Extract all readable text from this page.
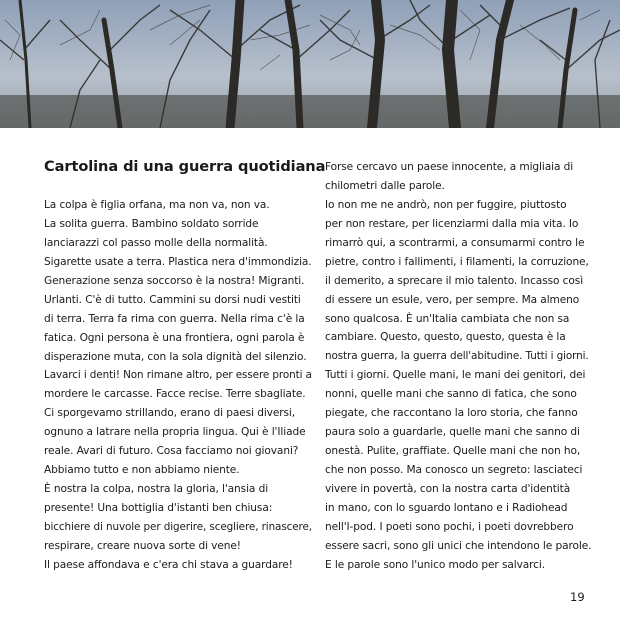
Cartolina di una guerra quotidiana
La colpa è figlia orfana, ma non va, non va.
La solita guerra. Bambino soldato sorride
lanciarazzi col passo molle della normalità.
Sigarette usate a terra. Plastica nera d'immondizia.
Generazione senza soccorso è la nostra! Migranti.
Urlanti. C'è di tutto. Cammini su dorsi nudi vestiti
di terra. Terra fa rima con guerra. Nella rima c'è la
fatica. Ogni persona è una frontiera, ogni parola è
disperazione muta, con la sola dignità del silenzio.
Lavarci i denti! Non rimane altro, per essere pronti a
mordere le carcasse. Facce recise. Terre sbagliate.
Ci sporgevamo strillando, erano di paesi diversi,
ognuno a latrare nella propria lingua. Qui è l'Iliade
reale. Avari di futuro. Cosa facciamo noi giovani?
Abbiamo tutto e non abbiamo niente.
È nostra la colpa, nostra la gloria, l'ansia di
presente! Una bottiglia d'istanti ben chiusa:
bicchiere di nuvole per digerire, scegliere, rinascere,
respirare, creare nuova sorte di vene!
Il paese affondava e c'era chi stava a guardare!
Forse cercavo un paese innocente, a migliaia di
chilometri dalle parole.
Io non me ne andrò, non per fuggire, piuttosto
per non restare, per licenziarmi dalla mia vita. Io
rimarrò qui, a scontrarmi, a consumarmi contro le
pietre, contro i fallimenti, i filamenti, la corruzione,
il demerito, a sprecare il mio talento. Incasso così
di essere un esule, vero, per sempre. Ma almeno
sono qualcosa. È un'Italia cambiata che non sa
cambiare. Questo, questo, questo, questa è la
nostra guerra, la guerra dell'abitudine. Tutti i giorni.
Tutti i giorni. Quelle mani, le mani dei genitori, dei
nonni, quelle mani che sanno di fatica, che sono
piegate, che raccontano la loro storia, che fanno
paura solo a guardarle, quelle mani che sanno di
onestà. Pulite, graffiate. Quelle mani che non ho,
che non posso. Ma conosco un segreto: lasciateci
vivere in povertà, con la nostra carta d'identità
in mano, con lo sguardo lontano e i Radiohead
nell'I-pod. I poeti sono pochi, i poeti dovrebbero
essere sacri, sono gli unici che intendono le parole.
E le parole sono l'unico modo per salvarci.
19
